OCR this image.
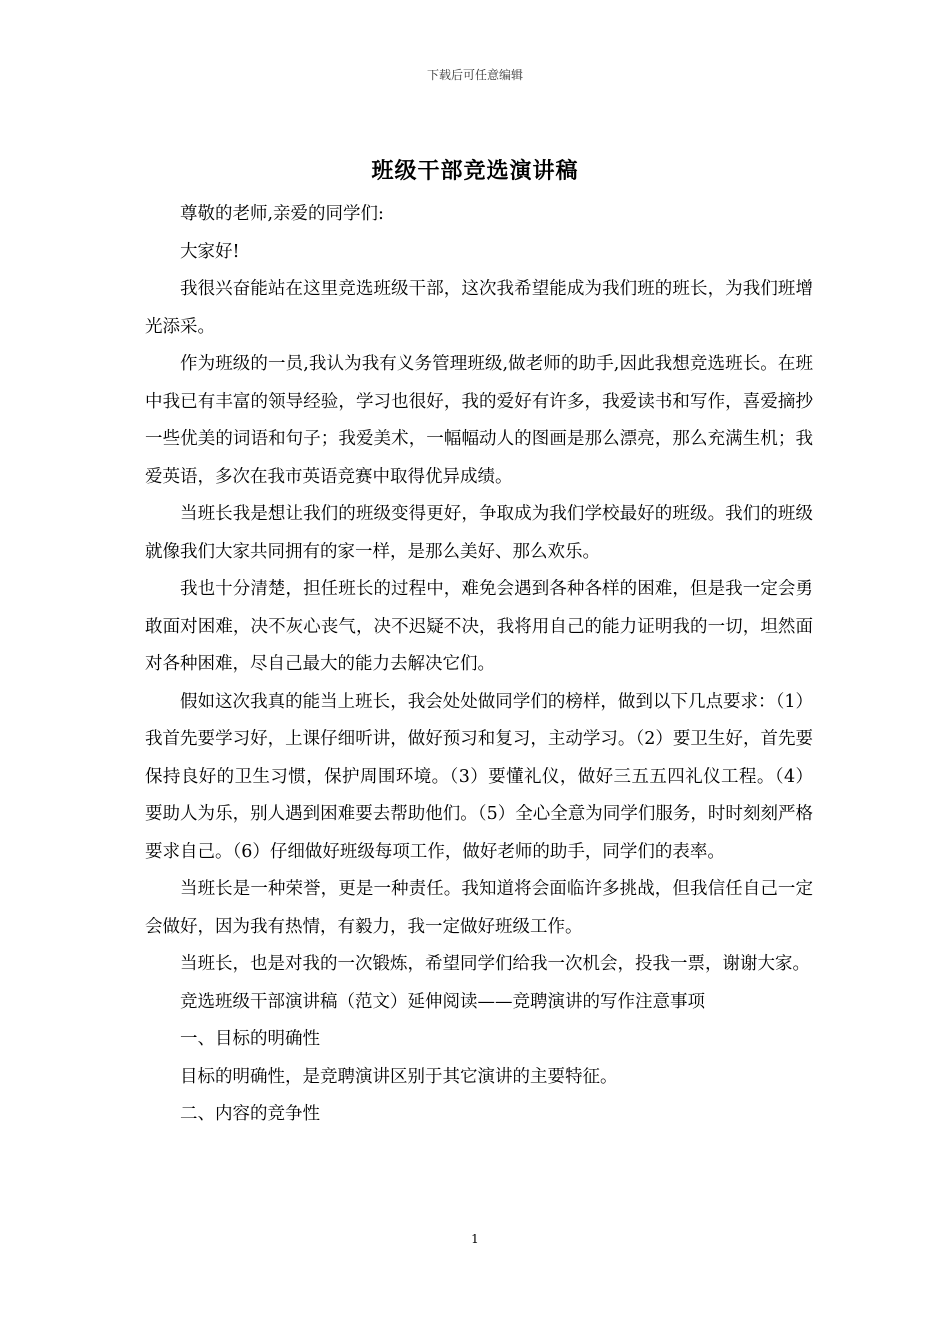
下载后可任意编辑
班级干部竞选演讲稿

尊敬的老师,亲爱的同学们:

大家好!

我很兴奋能站在这里竞选班级干部，这次我希望能成为我们班的班长，为我们班增光添采。

作为班级的一员,我认为我有义务管理班级,做老师的助手,因此我想竞选班长。在班中我已有丰富的领导经验，学习也很好，我的爱好有许多，我爱读书和写作，喜爱摘抄一些优美的词语和句子；我爱美术，一幅幅动人的图画是那么漂亮，那么充满生机；我爱英语，多次在我市英语竞赛中取得优异成绩。

当班长我是想让我们的班级变得更好，争取成为我们学校最好的班级。我们的班级就像我们大家共同拥有的家一样，是那么美好、那么欢乐。

我也十分清楚，担任班长的过程中，难免会遇到各种各样的困难，但是我一定会勇敢面对困难，决不灰心丧气，决不迟疑不决，我将用自己的能力证明我的一切，坦然面对各种困难，尽自己最大的能力去解决它们。

假如这次我真的能当上班长，我会处处做同学们的榜样，做到以下几点要求：（1）我首先要学习好，上课仔细听讲，做好预习和复习，主动学习。（2）要卫生好，首先要保持良好的卫生习惯，保护周围环境。（3）要懂礼仪，做好三五五四礼仪工程。（4）要助人为乐，别人遇到困难要去帮助他们。（5）全心全意为同学们服务，时时刻刻严格要求自己。（6）仔细做好班级每项工作，做好老师的助手，同学们的表率。

当班长是一种荣誉，更是一种责任。我知道将会面临许多挑战，但我信任自己一定会做好，因为我有热情，有毅力，我一定做好班级工作。

当班长，也是对我的一次锻炼，希望同学们给我一次机会，投我一票，谢谢大家。

竞选班级干部演讲稿（范文）延伸阅读——竞聘演讲的写作注意事项

一、目标的明确性

目标的明确性，是竞聘演讲区别于其它演讲的主要特征。

二、内容的竞争性

1
